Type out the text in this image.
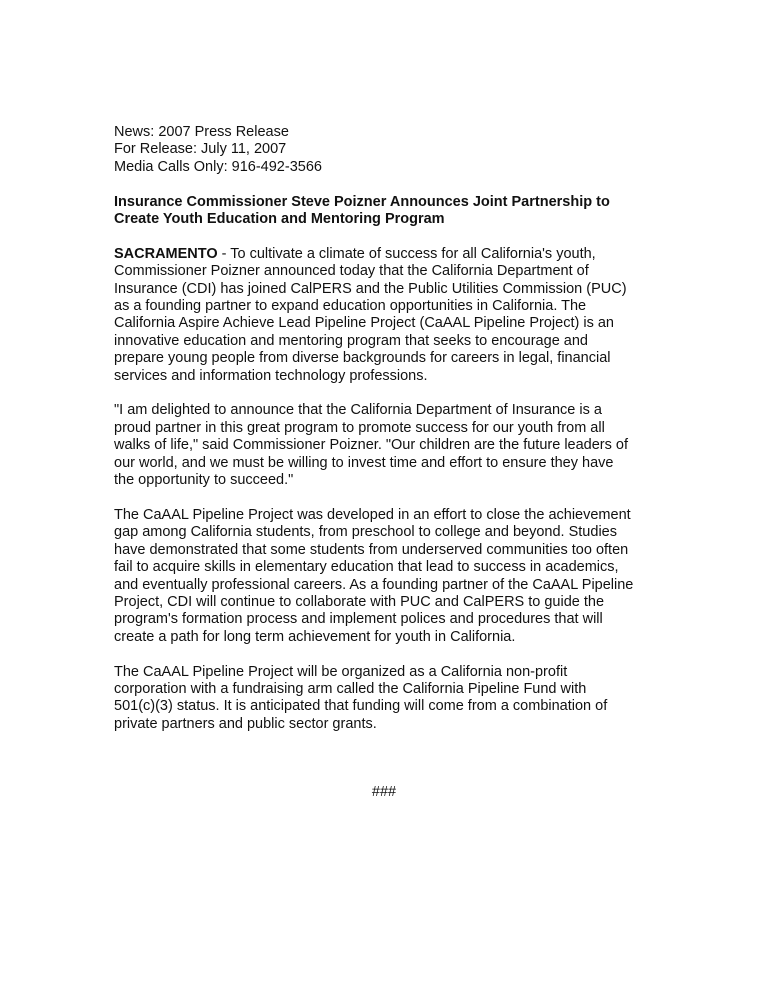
News: 2007 Press Release
For Release: July 11, 2007
Media Calls Only: 916-492-3566
Insurance Commissioner Steve Poizner Announces Joint Partnership to
Create Youth Education and Mentoring Program
SACRAMENTO - To cultivate a climate of success for all California's youth,
Commissioner Poizner announced today that the California Department of
Insurance (CDI) has joined CalPERS and the Public Utilities Commission (PUC)
as a founding partner to expand education opportunities in California. The
California Aspire Achieve Lead Pipeline Project (CaAAL Pipeline Project) is an
innovative education and mentoring program that seeks to encourage and
prepare young people from diverse backgrounds for careers in legal, financial
services and information technology professions.
"I am delighted to announce that the California Department of Insurance is a
proud partner in this great program to promote success for our youth from all
walks of life," said Commissioner Poizner. "Our children are the future leaders of
our world, and we must be willing to invest time and effort to ensure they have
the opportunity to succeed."
The CaAAL Pipeline Project was developed in an effort to close the achievement
gap among California students, from preschool to college and beyond. Studies
have demonstrated that some students from underserved communities too often
fail to acquire skills in elementary education that lead to success in academics,
and eventually professional careers. As a founding partner of the CaAAL Pipeline
Project, CDI will continue to collaborate with PUC and CalPERS to guide the
program's formation process and implement polices and procedures that will
create a path for long term achievement for youth in California.
The CaAAL Pipeline Project will be organized as a California non-profit
corporation with a fundraising arm called the California Pipeline Fund with
501(c)(3) status. It is anticipated that funding will come from a combination of
private partners and public sector grants.
###
